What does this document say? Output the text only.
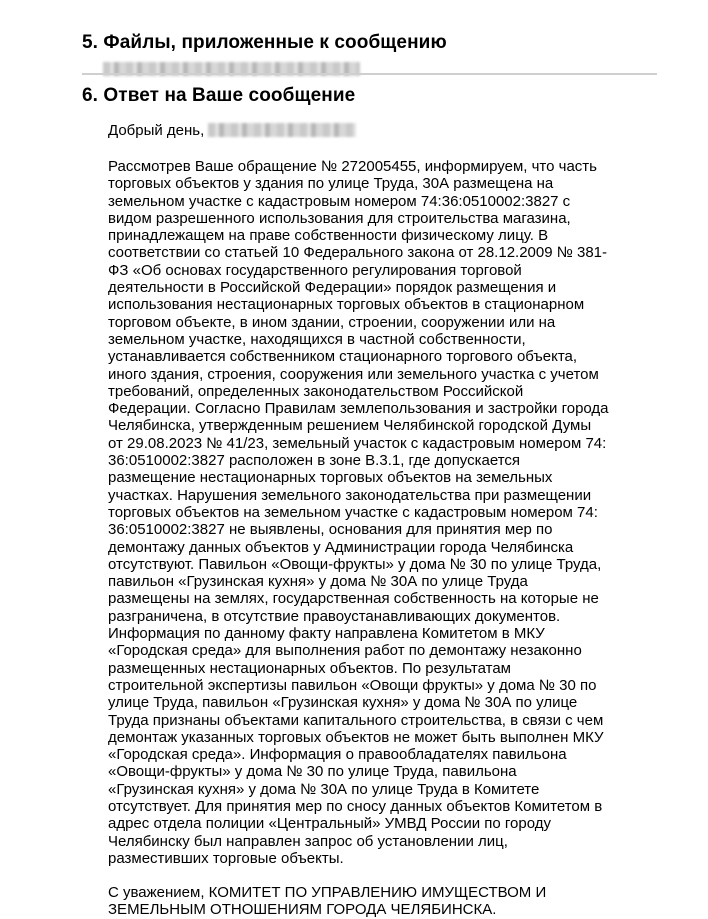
5. Файлы, приложенные к сообщению
6. Ответ на Ваше сообщение

Добрый день,

Рассмотрев Ваше обращение № 272005455, информируем, что часть
торговых объектов у здания по улице Труда, 30А размещена на
земельном участке с кадастровым номером 74:36:0510002:3827 с
видом разрешенного использования для строительства магазина,
принадлежащем на праве собственности физическому лицу. В
соответствии со статьей 10 Федерального закона от 28.12.2009 № 381-
ФЗ «Об основах государственного регулирования торговой
деятельности в Российской Федерации» порядок размещения и
использования нестационарных торговых объектов в стационарном
торговом объекте, в ином здании, строении, сооружении или на
земельном участке, находящихся в частной собственности,
устанавливается собственником стационарного торгового объекта,
иного здания, строения, сооружения или земельного участка с учетом
требований, определенных законодательством Российской
Федерации. Согласно Правилам землепользования и застройки города
Челябинска, утвержденным решением Челябинской городской Думы
от 29.08.2023 № 41/23, земельный участок с кадастровым номером 74:
36:0510002:3827 расположен в зоне В.3.1, где допускается
размещение нестационарных торговых объектов на земельных
участках. Нарушения земельного законодательства при размещении
торговых объектов на земельном участке с кадастровым номером 74:
36:0510002:3827 не выявлены, основания для принятия мер по
демонтажу данных объектов у Администрации города Челябинска
отсутствуют. Павильон «Овощи-фрукты» у дома № 30 по улице Труда,
павильон «Грузинская кухня» у дома № 30А по улице Труда
размещены на землях, государственная собственность на которые не
разграничена, в отсутствие правоустанавливающих документов.
Информация по данному факту направлена Комитетом в МКУ
«Городская среда» для выполнения работ по демонтажу незаконно
размещенных нестационарных объектов. По результатам
строительной экспертизы павильон «Овощи фрукты» у дома № 30 по
улице Труда, павильон «Грузинская кухня» у дома № 30А по улице
Труда признаны объектами капитального строительства, в связи с чем
демонтаж указанных торговых объектов не может быть выполнен МКУ
«Городская среда». Информация о правообладателях павильона
«Овощи-фрукты» у дома № 30 по улице Труда, павильона
«Грузинская кухня» у дома № 30А по улице Труда в Комитете
отсутствует. Для принятия мер по сносу данных объектов Комитетом в
адрес отдела полиции «Центральный» УМВД России по городу
Челябинску был направлен запрос об установлении лиц,
разместивших торговые объекты.

С уважением, КОМИТЕТ ПО УПРАВЛЕНИЮ ИМУЩЕСТВОМ И
ЗЕМЕЛЬНЫМ ОТНОШЕНИЯМ ГОРОДА ЧЕЛЯБИНСКА.
